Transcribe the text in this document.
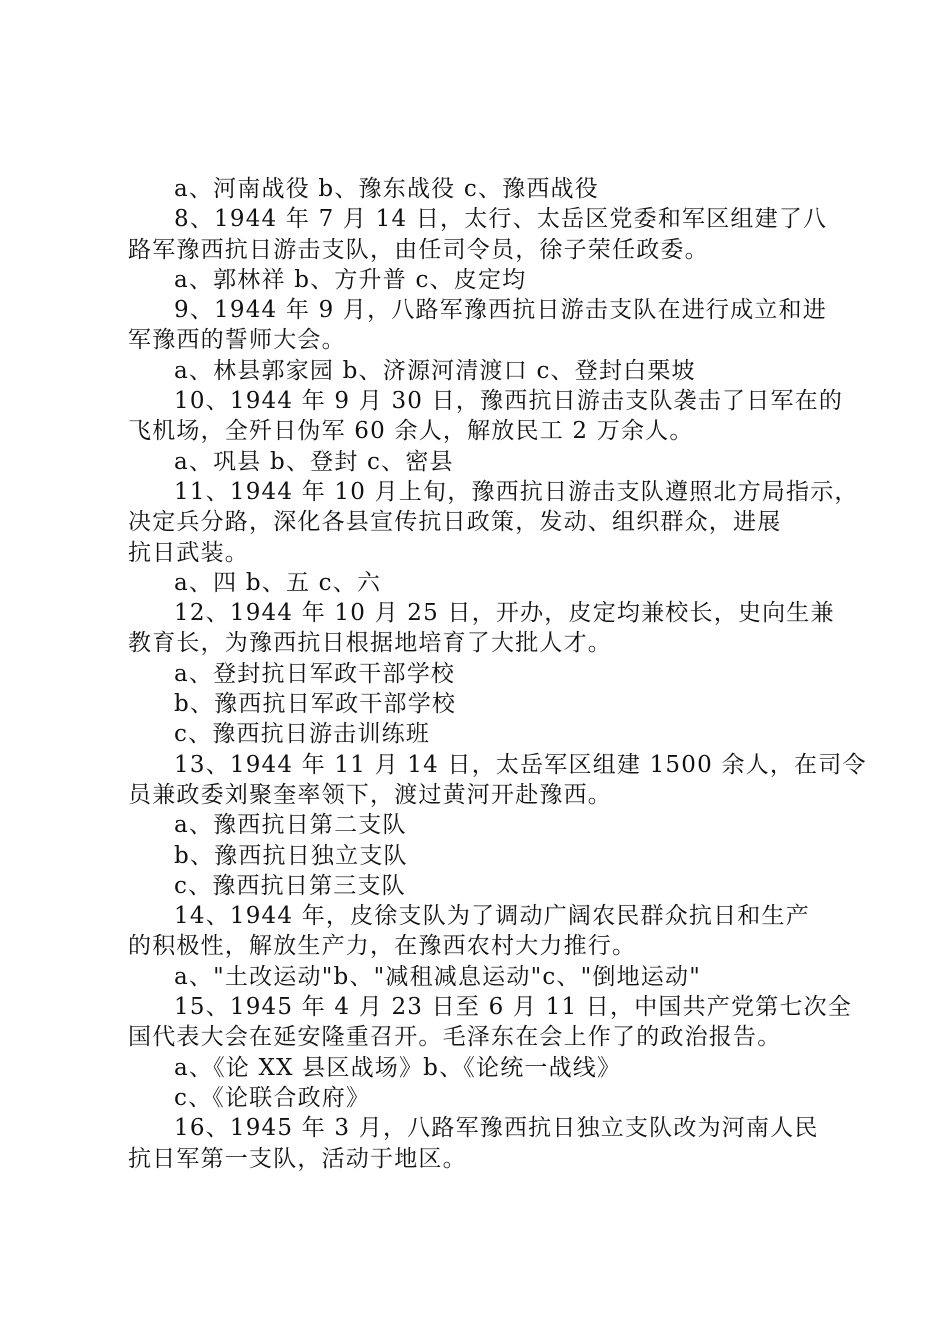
a、河南战役 b、豫东战役 c、豫西战役
8、1944 年 7 月 14 日，太行、太岳区党委和军区组建了八
路军豫西抗日游击支队，由任司令员，徐子荣任政委。
a、郭林祥 b、方升普 c、皮定均
9、1944 年 9 月，八路军豫西抗日游击支队在进行成立和进
军豫西的誓师大会。
a、林县郭家园 b、济源河清渡口 c、登封白栗坡
10、1944 年 9 月 30 日，豫西抗日游击支队袭击了日军在的
飞机场，全歼日伪军 60 余人，解放民工 2 万余人。
a、巩县 b、登封 c、密县
11、1944 年 10 月上旬，豫西抗日游击支队遵照北方局指示，
决定兵分路，深化各县宣传抗日政策，发动、组织群众，进展
抗日武装。
a、四 b、五 c、六
12、1944 年 10 月 25 日，开办，皮定均兼校长，史向生兼
教育长，为豫西抗日根据地培育了大批人才。
a、登封抗日军政干部学校
b、豫西抗日军政干部学校
c、豫西抗日游击训练班
13、1944 年 11 月 14 日，太岳军区组建 1500 余人，在司令
员兼政委刘聚奎率领下，渡过黄河开赴豫西。
a、豫西抗日第二支队
b、豫西抗日独立支队
c、豫西抗日第三支队
14、1944 年，皮徐支队为了调动广阔农民群众抗日和生产
的积极性，解放生产力，在豫西农村大力推行。
a、"土改运动"b、"减租减息运动"c、"倒地运动"
15、1945 年 4 月 23 日至 6 月 11 日，中国共产党第七次全
国代表大会在延安隆重召开。毛泽东在会上作了的政治报告。
a、《论 XX 县区战场》b、《论统一战线》
c、《论联合政府》
16、1945 年 3 月，八路军豫西抗日独立支队改为河南人民
抗日军第一支队，活动于地区。
